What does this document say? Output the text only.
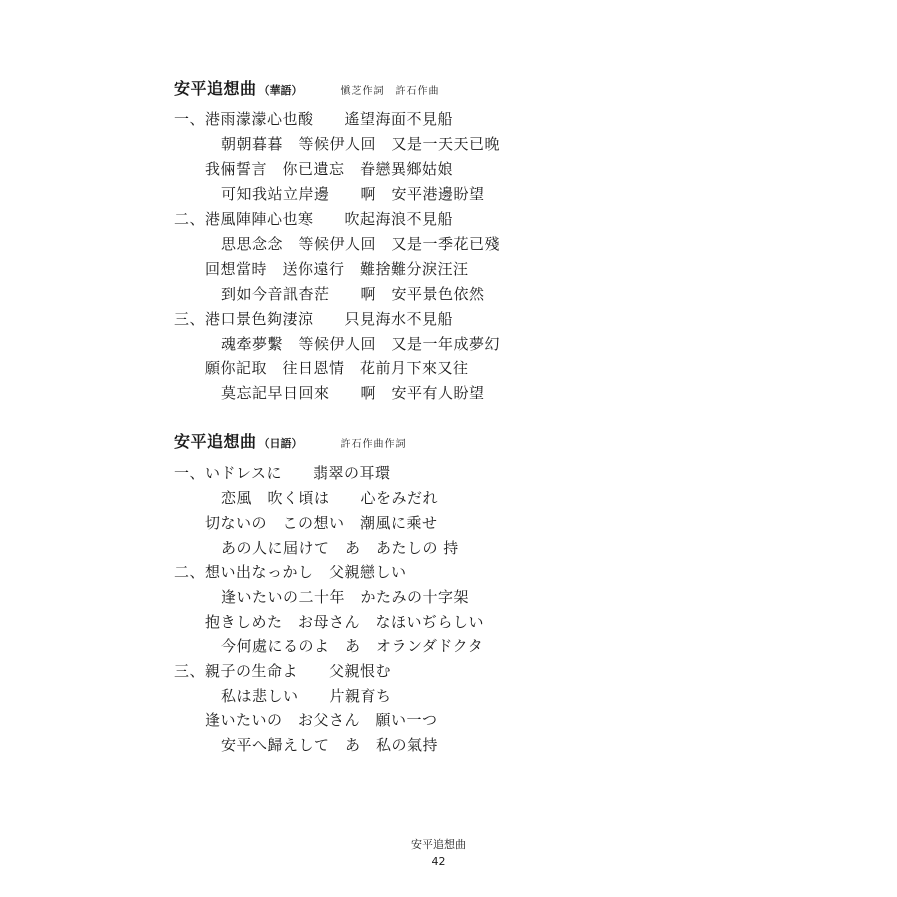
安平追想曲 （華語）	愼芝作詞　許石作曲
一、港雨濛濛心也酸　　遙望海面不見船
朝朝暮暮　等候伊人回　又是一天天已晚
我倆誓言　你已遺忘　眷戀異鄉姑娘
可知我站立岸邊　　啊　安平港邊盼望
二、港風陣陣心也寒　　吹起海浪不見船
思思念念　等候伊人回　又是一季花已殘
回想當時　送你遠行　難捨難分淚汪汪
到如今音訊杳茫　　啊　安平景色依然
三、港口景色夠淒涼　　只見海水不見船
魂牽夢繫　等候伊人回　又是一年成夢幻
願你記取　往日恩情　花前月下來又往
莫忘記早日回來　　啊　安平有人盼望
安平追想曲 （日語）	許石作曲作詞
一、いドレスに　　翡翠の耳環
恋風　吹く頃は　　心をみだれ
切ないの　この想い　潮風に乘せ
あの人に屆けて　あ　あたしの 持
二、想い出なっかし　父親戀しい
逢いたいの二十年　かたみの十字架
抱きしめた　お母さん　なほいぢらしい
今何處にるのよ　あ　オランダドクタ
三、親子の生命よ　　父親恨む
私は悲しい　　片親育ち
逢いたいの　お父さん　願い一つ
安平へ歸えして　あ　私の氣持
安平追想曲
42
